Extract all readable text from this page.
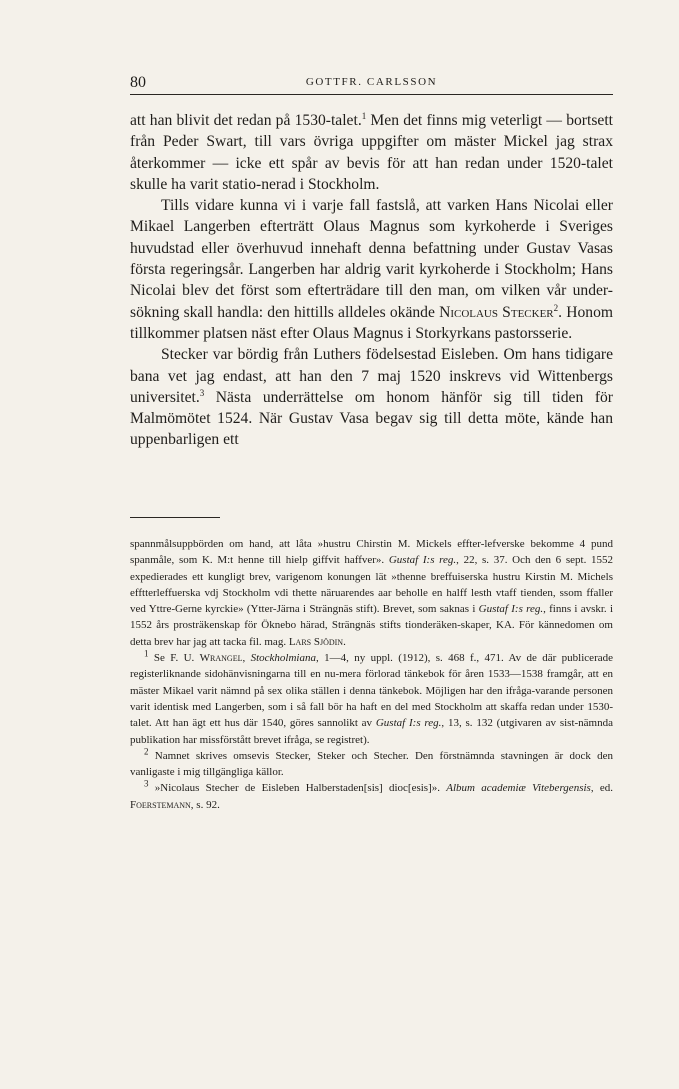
80	GOTTFR. CARLSSON

att han blivit det redan på 1530-talet.$^1$ Men det finns mig veterligt — bortsett från Peder Swart, till vars övriga uppgifter om mäster Mickel jag strax återkommer — icke ett spår av bevis för att han redan under 1520-talet skulle ha varit statio-nerad i Stockholm.

Tills vidare kunna vi i varje fall fastslå, att varken Hans Nicolai eller Mikael Langerben efterträtt Olaus Magnus som kyrkoherde i Sveriges huvudstad eller överhuvud innehaft denna befattning under Gustav Vasas första regeringsår. Langerben har aldrig varit kyrkoherde i Stockholm; Hans Nicolai blev det först som efterträdare till den man, om vilken vår under-sökning skall handla: den hittills alldeles okände Nicolaus Stecker$^2$. Honom tillkommer platsen näst efter Olaus Magnus i Storkyrkans pastorsserie.

Stecker var bördig från Luthers födelsestad Eisleben. Om hans tidigare bana vet jag endast, att han den 7 maj 1520 inskrevs vid Wittenbergs universitet.$^3$ Nästa underrättelse om honom hänför sig till tiden för Malmömötet 1524. När Gustav Vasa begav sig till detta möte, kände han uppenbarligen ett

spannmålsuppbörden om hand, att låta »hustru Chirstin M. Mickels effter-lefverske bekomme 4 pund spanmåle, som K. M:t henne till hielp giffvit haffver». Gustaf I:s reg., 22, s. 37. Och den 6 sept. 1552 expedierades ett kungligt brev, varigenom konungen lät »thenne breffuiserska hustru Kirstin M. Michels efftterleffuerska vdj Stockholm vdi thette näruarendes aar beholle en halff lesth vtaff tienden, ssom ffaller ved Yttre-Gerne kyrckie» (Ytter-Järna i Strängnäs stift). Brevet, som saknas i Gustaf I:s reg., finns i avskr. i 1552 års prosträkenskap för Öknebo härad, Strängnäs stifts tionderäken-skaper, KA. För kännedomen om detta brev har jag att tacka fil. mag. Lars Sjödin.

$^1$ Se F. U. Wrangel, Stockholmiana, 1—4, ny uppl. (1912), s. 468 f., 471. Av de där publicerade registerliknande sidohänvisningarna till en nu-mera förlorad tänkebok för åren 1533—1538 framgår, att en mäster Mikael varit nämnd på sex olika ställen i denna tänkebok. Möjligen har den ifråga-varande personen varit identisk med Langerben, som i så fall bör ha haft en del med Stockholm att skaffa redan under 1530-talet. Att han ägt ett hus där 1540, göres sannolikt av Gustaf I:s reg., 13, s. 132 (utgivaren av sist-nämnda publikation har missförstått brevet ifråga, se registret).

$^2$ Namnet skrives omsevis Stecker, Steker och Stecher. Den förstnämnda stavningen är dock den vanligaste i mig tillgängliga källor.

$^3$ »Nicolaus Stecher de Eisleben Halberstaden[sis] dioc[esis]». Album academiæ Vitebergensis, ed. Foerstemann, s. 92.
